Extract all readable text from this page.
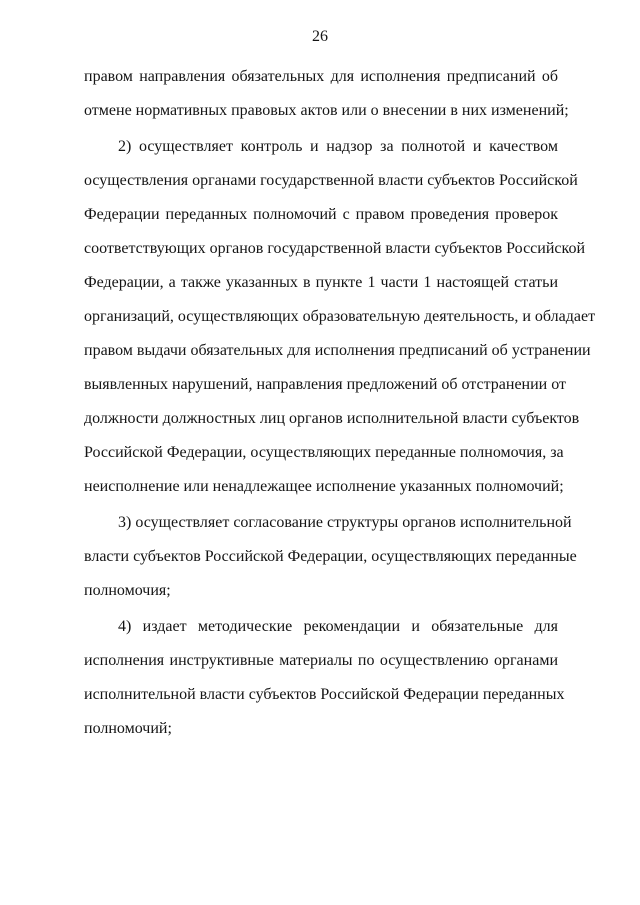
26
правом направления обязательных для исполнения предписаний об
отмене нормативных правовых актов или о внесении в них изменений;
2) осуществляет контроль и надзор за полнотой и качеством
осуществления органами государственной власти субъектов Российской
Федерации переданных полномочий с правом проведения проверок
соответствующих органов государственной власти субъектов Российской
Федерации, а также указанных в пункте 1 части 1 настоящей статьи
организаций, осуществляющих образовательную деятельность, и обладает
правом выдачи обязательных для исполнения предписаний об устранении
выявленных нарушений, направления предложений об отстранении от
должности должностных лиц органов исполнительной власти субъектов
Российской Федерации, осуществляющих переданные полномочия, за
неисполнение или ненадлежащее исполнение указанных полномочий;
3) осуществляет согласование структуры органов исполнительной
власти субъектов Российской Федерации, осуществляющих переданные
полномочия;
4) издает методические рекомендации и обязательные для
исполнения инструктивные материалы по осуществлению органами
исполнительной власти субъектов Российской Федерации переданных
полномочий;
